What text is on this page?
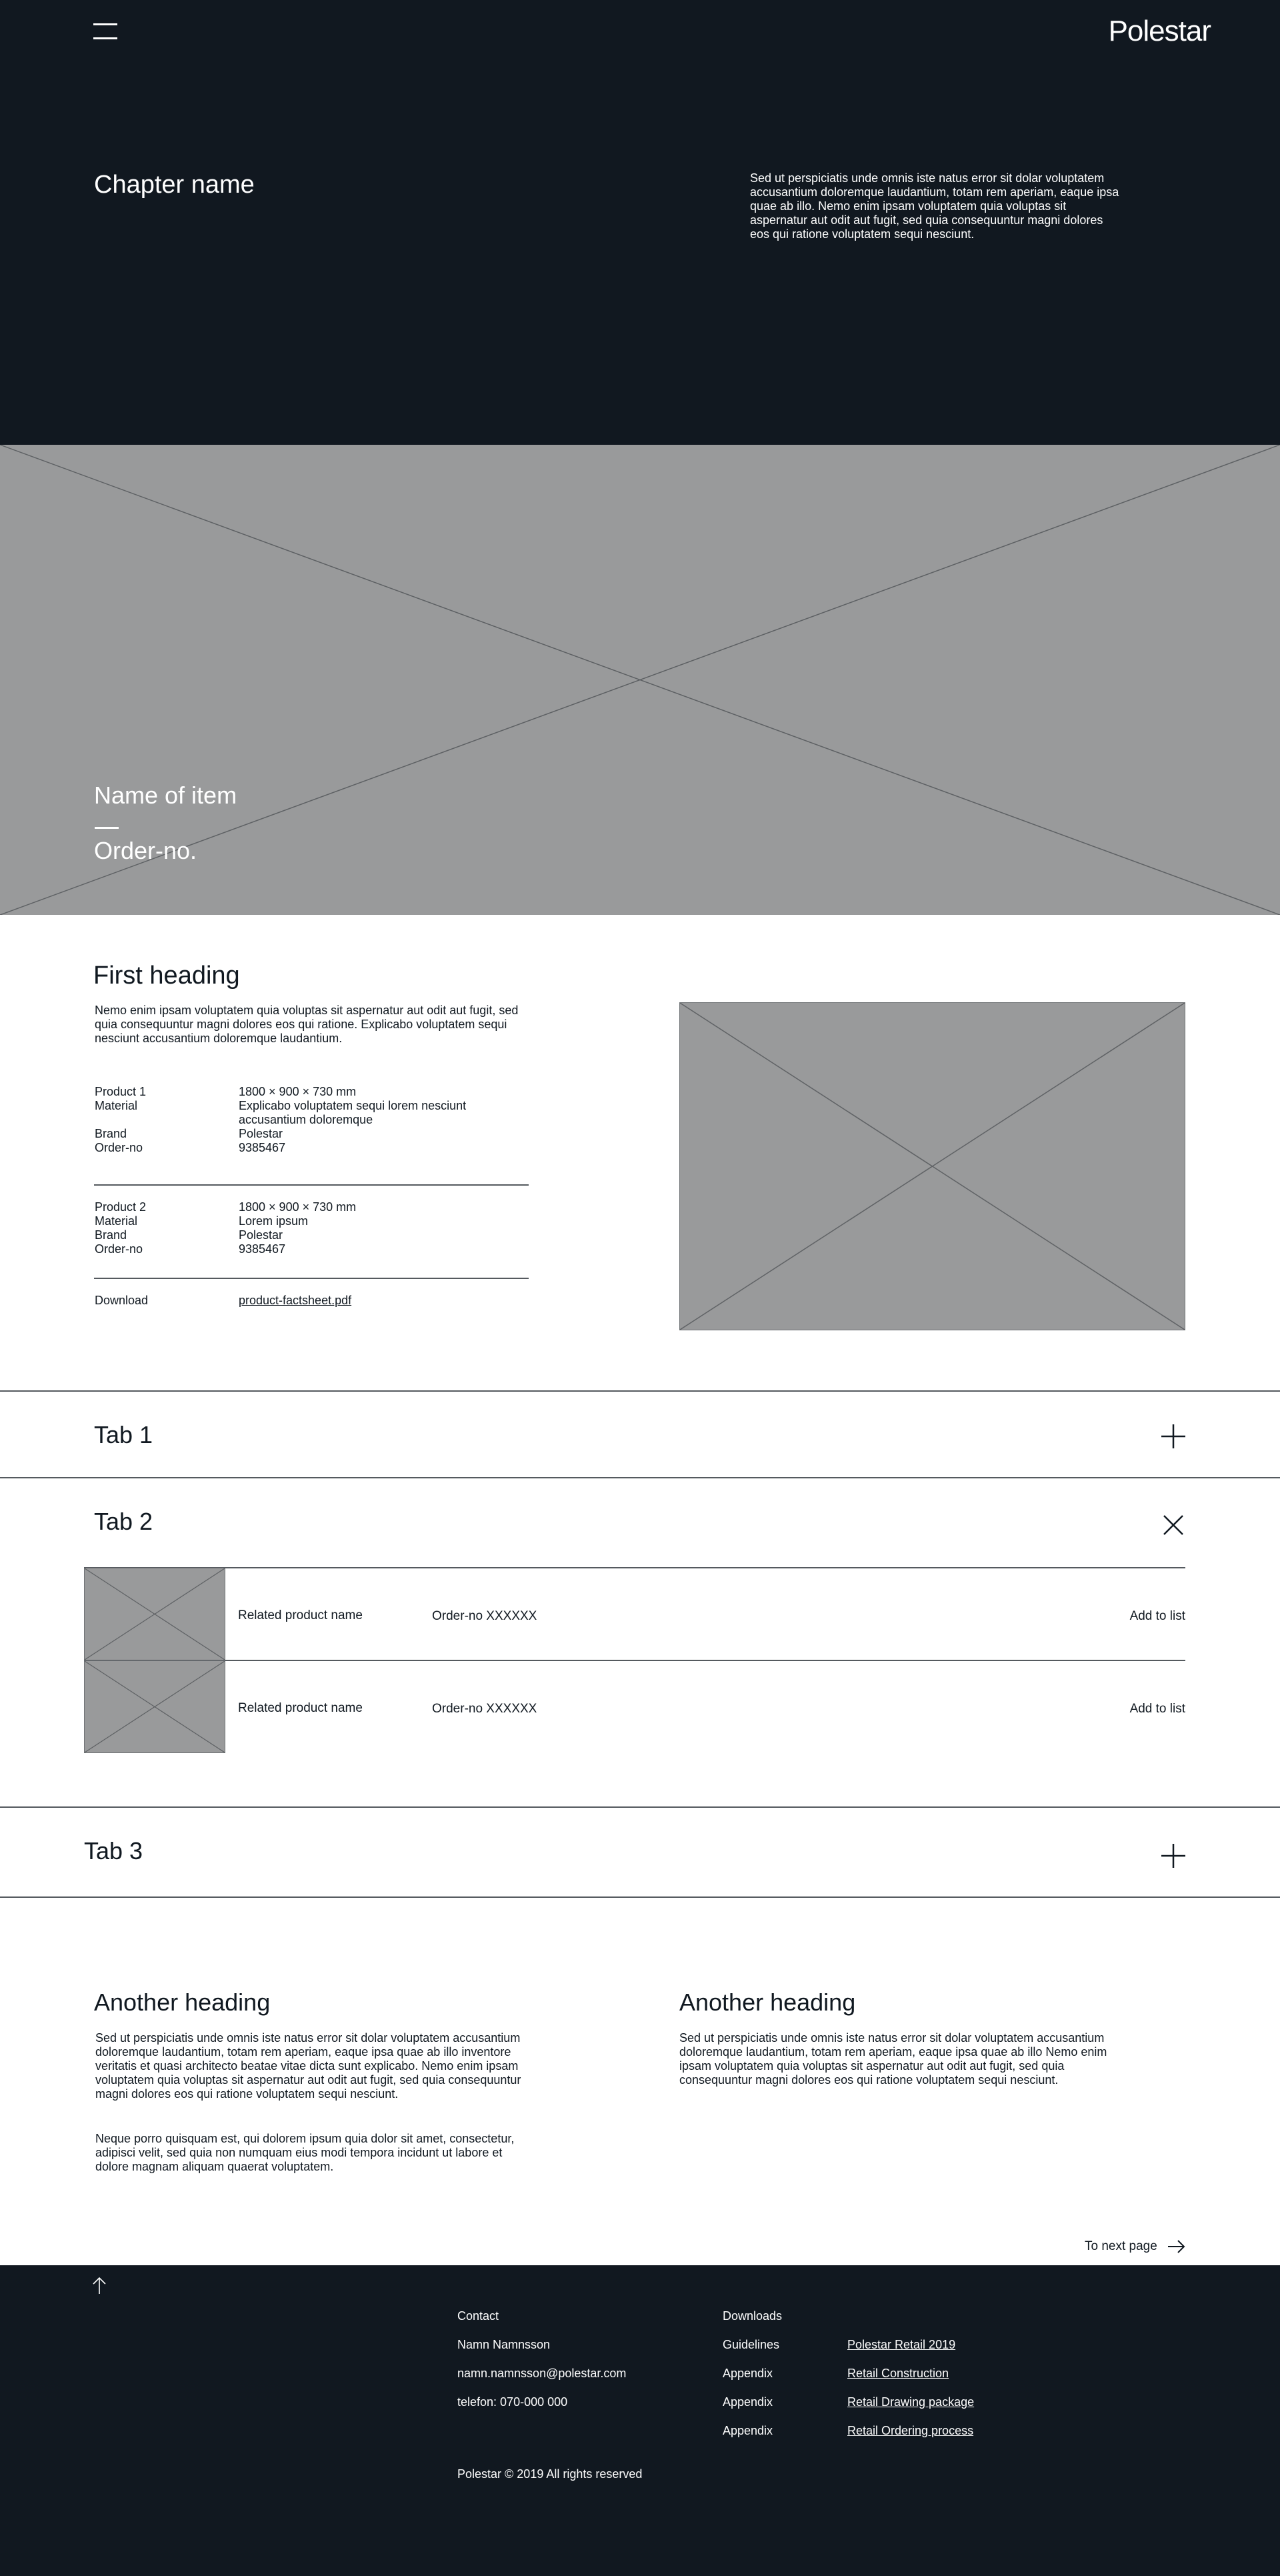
Polestar
Chapter name	Sed ut perspiciatis unde omnis iste natus error sit dolar voluptatem accusantium doloremque laudantium, totam rem aperiam, eaque ipsa quae ab illo. Nemo enim ipsam voluptatem quia voluptas sit aspernatur aut odit aut fugit, sed quia consequuntur magni dolores eos qui ratione voluptatem sequi nesciunt.

Name of item
Order-no.
First heading

Nemo enim ipsam voluptatem quia voluptas sit aspernatur aut odit aut fugit, sed quia consequuntur magni dolores eos qui ratione. Explicabo voluptatem sequi nesciunt accusantium doloremque laudantium.

Product 1	1800 × 900 × 730 mm
Material	Explicabo voluptatem sequi lorem nesciunt accusantium doloremque
Brand	Polestar
Order-no	9385467
Product 2	1800 × 900 × 730 mm
Material	Lorem ipsum
Brand	Polestar
Order-no	9385467
Download	product-factsheet.pdf
Tab 1
Tab 2
Related product name	Order-no XXXXXX	Add to list
Related product name	Order-no XXXXXX	Add to list
Tab 3
Another heading

Sed ut perspiciatis unde omnis iste natus error sit dolar voluptatem accusantium doloremque laudantium, totam rem aperiam, eaque ipsa quae ab illo inventore veritatis et quasi architecto beatae vitae dicta sunt explicabo. Nemo enim ipsam voluptatem quia voluptas sit aspernatur aut odit aut fugit, sed quia consequuntur magni dolores eos qui ratione voluptatem sequi nesciunt.

Neque porro quisquam est, qui dolorem ipsum quia dolor sit amet, consectetur, adipisci velit, sed quia non numquam eius modi tempora incidunt ut labore et dolore magnam aliquam quaerat voluptatem.

Another heading

Sed ut perspiciatis unde omnis iste natus error sit dolar voluptatem accusantium doloremque laudantium, totam rem aperiam, eaque ipsa quae ab illo Nemo enim ipsam voluptatem quia voluptas sit aspernatur aut odit aut fugit, sed quia consequuntur magni dolores eos qui ratione voluptatem sequi nesciunt.

To next page
Contact
Namn Namnsson
namn.namnsson@polestar.com
telefon: 070-000 000
Downloads
Guidelines	Polestar Retail 2019
Appendix	Retail Construction
Appendix	Retail Drawing package
Appendix	Retail Ordering process
Polestar © 2019 All rights reserved
